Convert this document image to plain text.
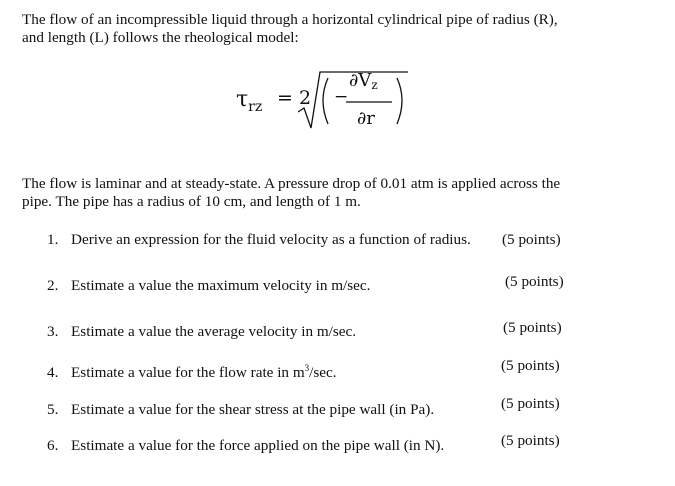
The flow of an incompressible liquid through a horizontal cylindrical pipe of radius (R),
and length (L) follows the rheological model:
$\tau_{rz} = 2$ −
∂Vz
∂r
The flow is laminar and at steady-state. A pressure drop of 0.01 atm is applied across the
pipe. The pipe has a radius of 10 cm, and length of 1 m.
1. Derive an expression for the fluid velocity as a function of radius. (5 points)
2. Estimate a value the maximum velocity in m/sec.	(5 points)
3. Estimate a value the average velocity in m/sec.	(5 points)
4. Estimate a value for the flow rate in $m^3/\sec$.	(5 points)
5. Estimate a value for the shear stress at the pipe wall (in Pa).	(5 points)
6. Estimate a value for the force applied on the pipe wall (in N).	(5 points)
